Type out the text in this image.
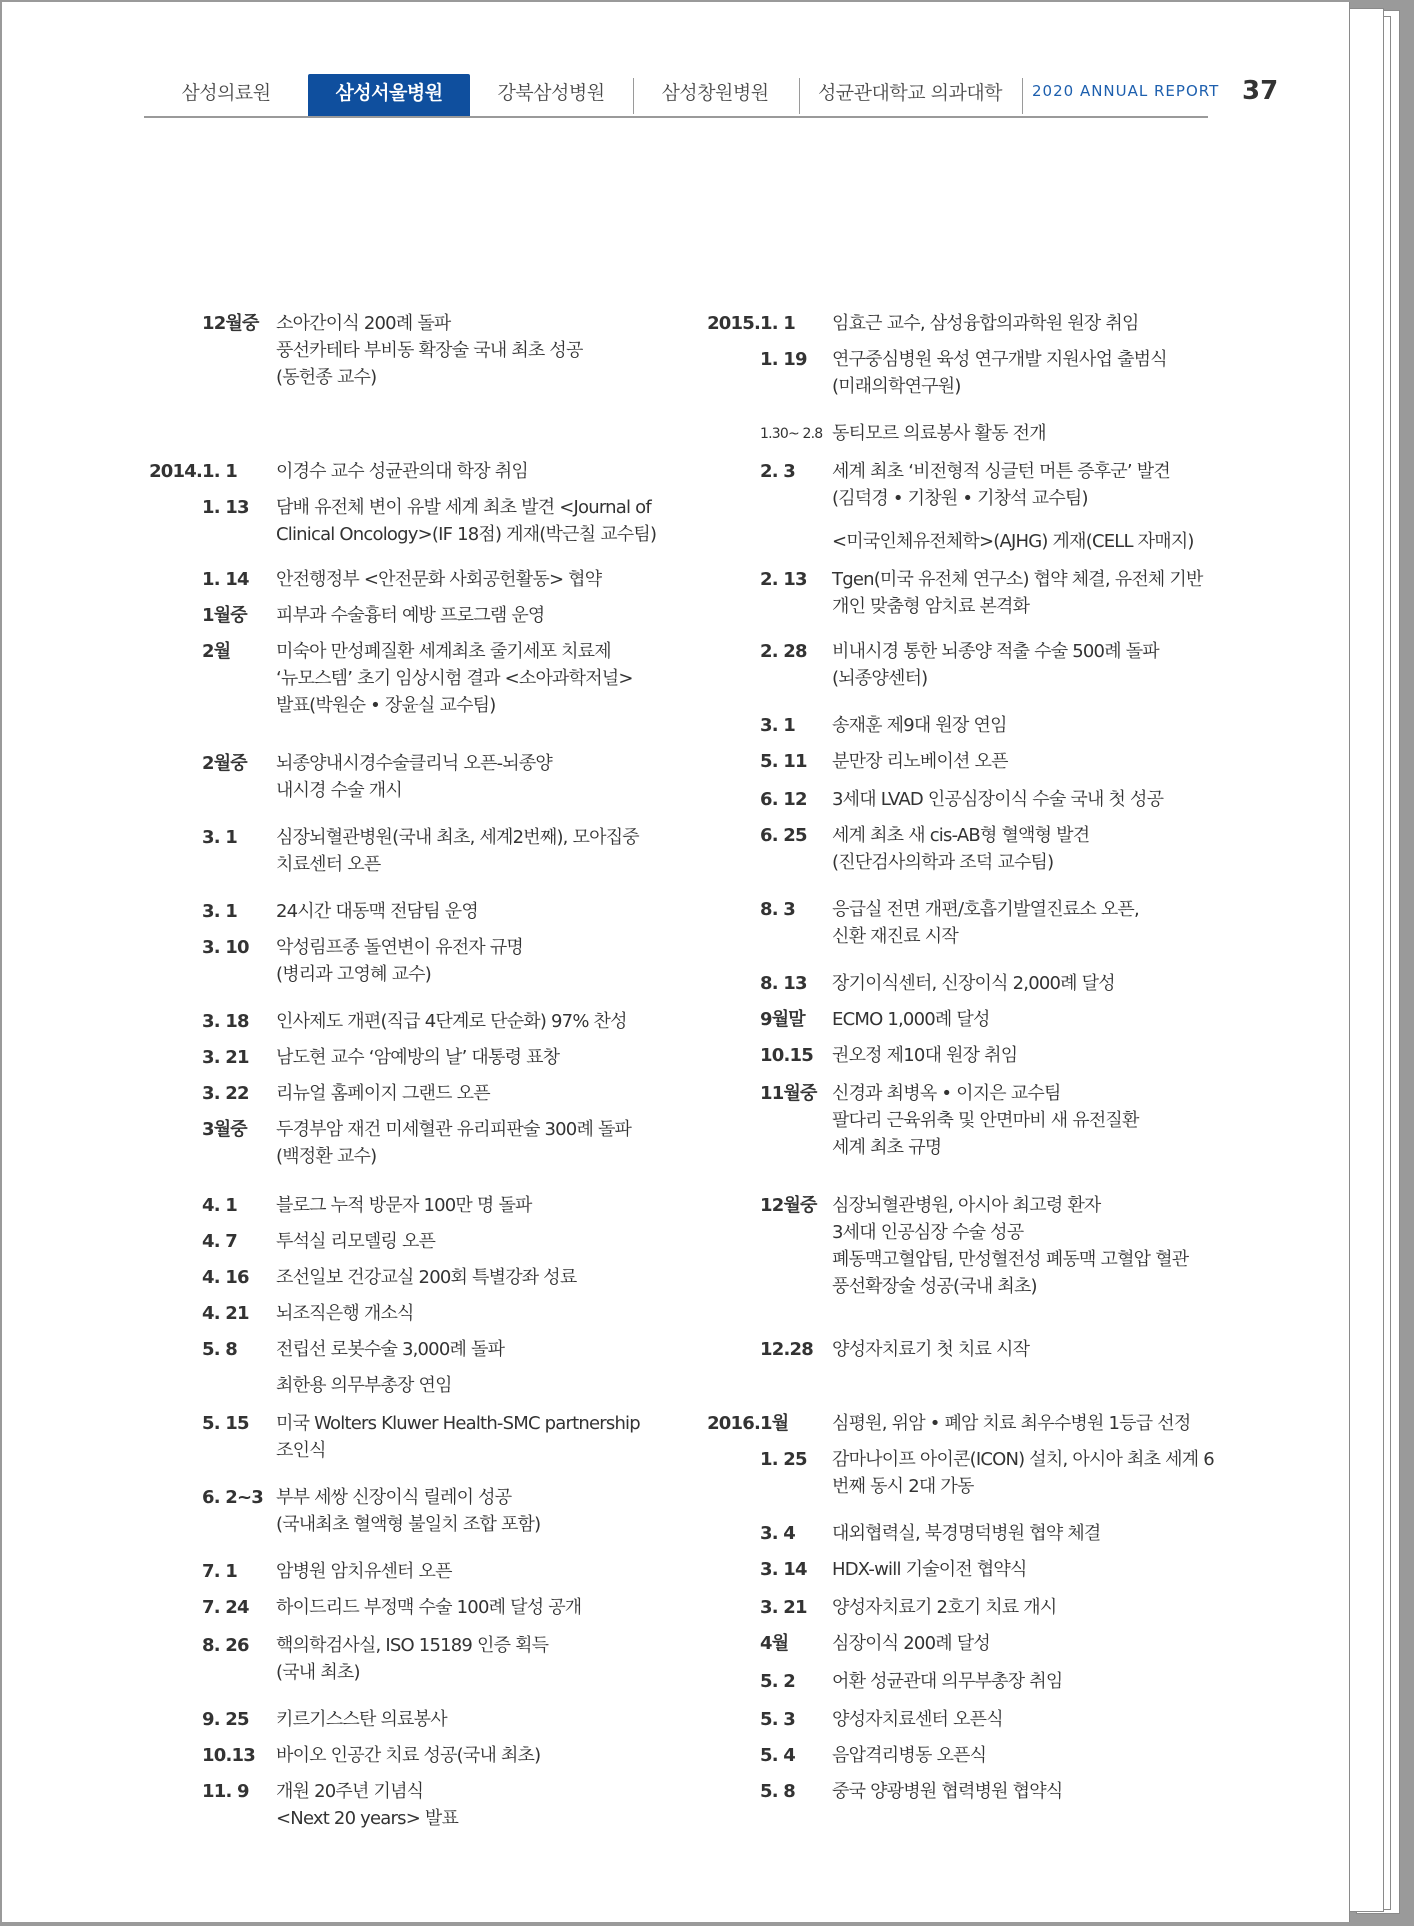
삼성의료원	삼성서울병원	강북삼성병원	삼성창원병원	성균관대학교 의과대학	2020 ANNUAL REPORT 37
12월중 소아간이식 200례 돌파
풍선카테타 부비동 확장술 국내 최초 성공
(동헌종 교수)
2014. 1. 1 이경수 교수 성균관의대 학장 취임
1. 13 담배 유전체 변이 유발 세계 최초 발견 <Journal of
Clinical Oncology>(IF 18점) 게재(박근칠 교수팀)
1. 14 안전행정부 <안전문화 사회공헌활동> 협약
1월중 피부과 수술흉터 예방 프로그램 운영
2월	미숙아 만성폐질환 세계최초 줄기세포 치료제
‘뉴모스템’ 초기 임상시험 결과 <소아과학저널>
발표(박원순 • 장윤실 교수팀)
2월중 뇌종양내시경수술클리닉 오픈-뇌종양
내시경 수술 개시
3. 1 심장뇌혈관병원(국내 최초, 세계2번째), 모아집중
치료센터 오픈
3. 1 24시간 대동맥 전담팀 운영
3. 10 악성림프종 돌연변이 유전자 규명
(병리과 고영혜 교수)
3. 18 인사제도 개편(직급 4단계로 단순화) 97% 찬성
3. 21 남도현 교수 ‘암예방의 날’ 대통령 표창
3. 22 리뉴얼 홈페이지 그랜드 오픈
3월중 두경부암 재건 미세혈관 유리피판술 300례 돌파
(백정환 교수)
4. 1 블로그 누적 방문자 100만 명 돌파
4. 7 투석실 리모델링 오픈
4. 16 조선일보 건강교실 200회 특별강좌 성료
4. 21 뇌조직은행 개소식
5. 8 전립선 로봇수술 3,000례 돌파
최한용 의무부총장 연임
5. 15 미국 Wolters Kluwer Health-SMC partnership
조인식
6. 2~3 부부 세쌍 신장이식 릴레이 성공
(국내최초 혈액형 불일치 조합 포함)
7. 1 암병원 암치유센터 오픈
7. 24 하이드리드 부정맥 수술 100례 달성 공개
8. 26 핵의학검사실, ISO 15189 인증 획득
(국내 최초)
9. 25 키르기스스탄 의료봉사
10.13 바이오 인공간 치료 성공(국내 최초)
11. 9 개원 20주년 기념식
<Next 20 years> 발표
2015. 1. 1 임효근 교수, 삼성융합의과학원 원장 취임
1. 19 연구중심병원 육성 연구개발 지원사업 출범식
(미래의학연구원)
1.30~ 2.8 동티모르 의료봉사 활동 전개
2. 3 세계 최초 ‘비전형적 싱글턴 머튼 증후군’ 발견
(김덕경 • 기창원 • 기창석 교수팀)
<미국인체유전체학>(AJHG) 게재(CELL 자매지)
2. 13 Tgen(미국 유전체 연구소) 협약 체결, 유전체 기반
개인 맞춤형 암치료 본격화
2. 28 비내시경 통한 뇌종양 적출 수술 500례 돌파
(뇌종양센터)
3. 1 송재훈 제9대 원장 연임
5. 11 분만장 리노베이션 오픈
6. 12 3세대 LVAD 인공심장이식 수술 국내 첫 성공
6. 25 세계 최초 새 cis-AB형 혈액형 발견
(진단검사의학과 조덕 교수팀)
8. 3 응급실 전면 개편/호흡기발열진료소 오픈,
신환 재진료 시작
8. 13 장기이식센터, 신장이식 2,000례 달성
9월말 ECMO 1,000례 달성
10.15 권오정 제10대 원장 취임
11월중 신경과 최병옥 • 이지은 교수팀
팔다리 근육위축 및 안면마비 새 유전질환
세계 최초 규명
12월중 심장뇌혈관병원, 아시아 최고령 환자
3세대 인공심장 수술 성공
폐동맥고혈압팀, 만성혈전성 폐동맥 고혈압 혈관
풍선확장술 성공(국내 최초)
12.28 양성자치료기 첫 치료 시작
2016. 1월 심평원, 위암 • 폐암 치료 최우수병원 1등급 선정
1. 25 감마나이프 아이콘(ICON) 설치, 아시아 최초 세계 6
번째 동시 2대 가동
3. 4 대외협력실, 북경명덕병원 협약 체결
3. 14 HDX-will 기술이전 협약식
3. 21 양성자치료기 2호기 치료 개시
4월 심장이식 200례 달성
5. 2 어환 성균관대 의무부총장 취임
5. 3 양성자치료센터 오픈식
5. 4 음압격리병동 오픈식
5. 8 중국 양광병원 협력병원 협약식
